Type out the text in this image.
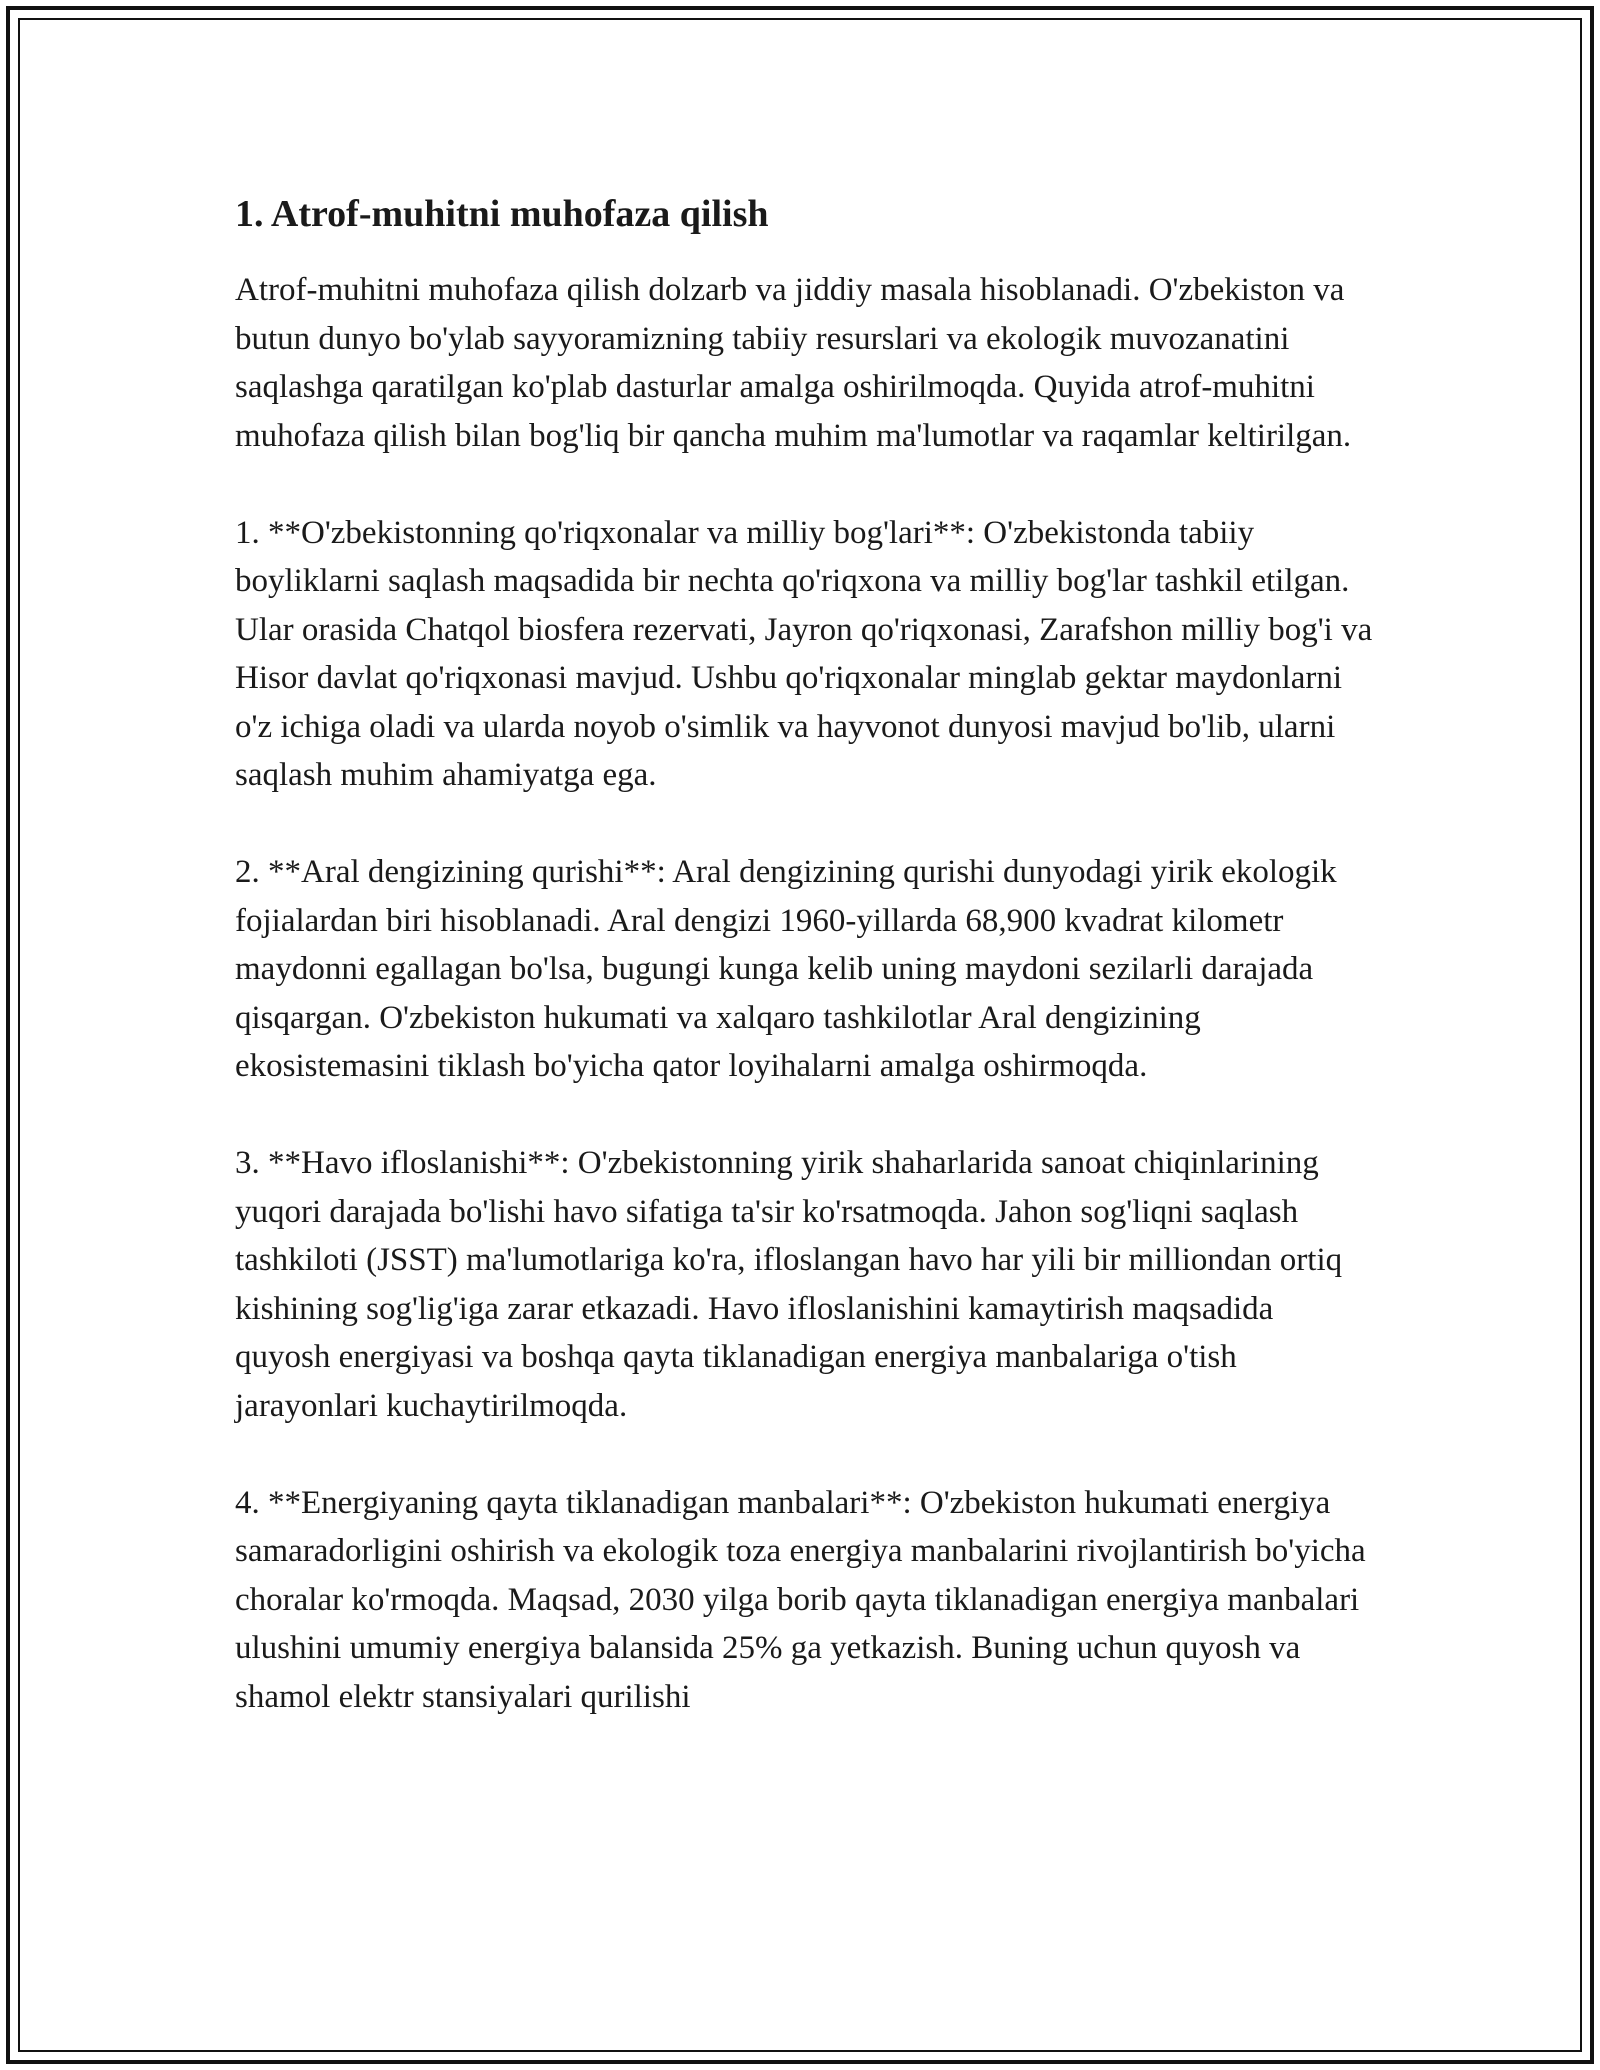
1. Atrof-muhitni muhofaza qilish

Atrof-muhitni muhofaza qilish dolzarb va jiddiy masala hisoblanadi. O'zbekiston va butun dunyo bo'ylab sayyoramizning tabiiy resurslari va ekologik muvozanatini saqlashga qaratilgan ko'plab dasturlar amalga oshirilmoqda. Quyida atrof-muhitni muhofaza qilish bilan bog'liq bir qancha muhim ma'lumotlar va raqamlar keltirilgan.

1. **O'zbekistonning qo'riqxonalar va milliy bog'lari**: O'zbekistonda tabiiy boyliklarni saqlash maqsadida bir nechta qo'riqxona va milliy bog'lar tashkil etilgan. Ular orasida Chatqol biosfera rezervati, Jayron qo'riqxonasi, Zarafshon milliy bog'i va Hisor davlat qo'riqxonasi mavjud. Ushbu qo'riqxonalar minglab gektar maydonlarni o'z ichiga oladi va ularda noyob o'simlik va hayvonot dunyosi mavjud bo'lib, ularni saqlash muhim ahamiyatga ega.

2. **Aral dengizining qurishi**: Aral dengizining qurishi dunyodagi yirik ekologik fojialardan biri hisoblanadi. Aral dengizi 1960-yillarda 68,900 kvadrat kilometr maydonni egallagan bo'lsa, bugungi kunga kelib uning maydoni sezilarli darajada qisqargan. O'zbekiston hukumati va xalqaro tashkilotlar Aral dengizining ekosistemasini tiklash bo'yicha qator loyihalarni amalga oshirmoqda.

3. **Havo ifloslanishi**: O'zbekistonning yirik shaharlarida sanoat chiqinlarining yuqori darajada bo'lishi havo sifatiga ta'sir ko'rsatmoqda. Jahon sog'liqni saqlash tashkiloti (JSST) ma'lumotlariga ko'ra, ifloslangan havo har yili bir milliondan ortiq kishining sog'lig'iga zarar etkazadi. Havo ifloslanishini kamaytirish maqsadida quyosh energiyasi va boshqa qayta tiklanadigan energiya manbalariga o'tish jarayonlari kuchaytirilmoqda.

4. **Energiyaning qayta tiklanadigan manbalari**: O'zbekiston hukumati energiya samaradorligini oshirish va ekologik toza energiya manbalarini rivojlantirish bo'yicha choralar ko'rmoqda. Maqsad, 2030 yilga borib qayta tiklanadigan energiya manbalari ulushini umumiy energiya balansida 25% ga yetkazish. Buning uchun quyosh va shamol elektr stansiyalari qurilishi
